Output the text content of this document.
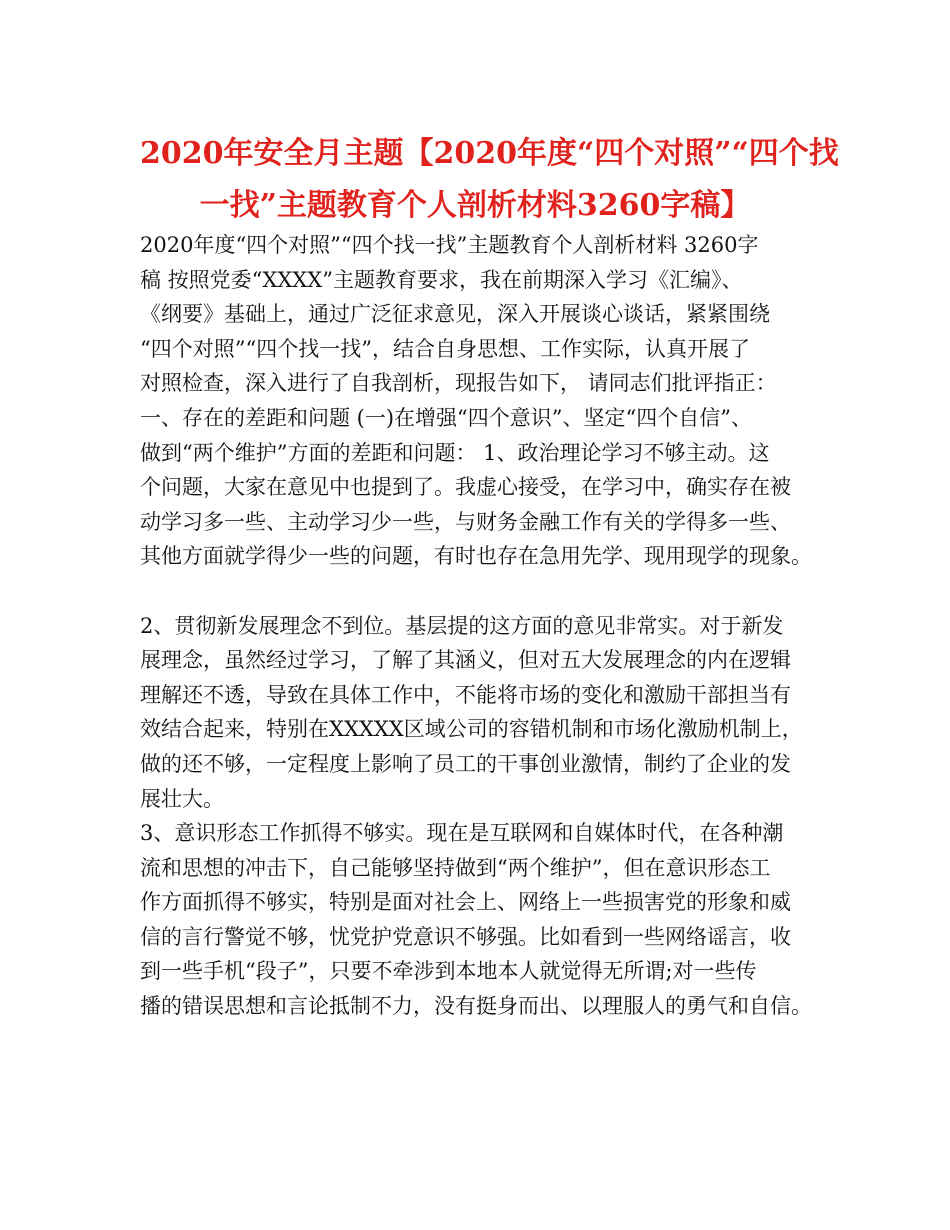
2020年安全月主题【2020年度“四个对照”“四个找
一找”主题教育个人剖析材料3260字稿】
2020年度“四个对照”“四个找一找”主题教育个人剖析材料 3260字
稿 按照党委“XXXX”主题教育要求，我在前期深入学习《汇编》、
《纲要》基础上，通过广泛征求意见，深入开展谈心谈话，紧紧围绕
“四个对照”“四个找一找”，结合自身思想、工作实际，认真开展了
对照检查，深入进行了自我剖析，现报告如下， 请同志们批评指正：
一、存在的差距和问题 (一)在增强“四个意识”、坚定“四个自信”、
做到“两个维护”方面的差距和问题： 1、政治理论学习不够主动。这
个问题，大家在意见中也提到了。我虚心接受，在学习中，确实存在被
动学习多一些、主动学习少一些，与财务金融工作有关的学得多一些、
其他方面就学得少一些的问题，有时也存在急用先学、现用现学的现象。
2、贯彻新发展理念不到位。基层提的这方面的意见非常实。对于新发
展理念，虽然经过学习，了解了其涵义，但对五大发展理念的内在逻辑
理解还不透，导致在具体工作中，不能将市场的变化和激励干部担当有
效结合起来，特别在XXXXX区域公司的容错机制和市场化激励机制上，
做的还不够，一定程度上影响了员工的干事创业激情，制约了企业的发
展壮大。
3、意识形态工作抓得不够实。现在是互联网和自媒体时代，在各种潮
流和思想的冲击下，自己能够坚持做到“两个维护”，但在意识形态工
作方面抓得不够实，特别是面对社会上、网络上一些损害党的形象和威
信的言行警觉不够，忧党护党意识不够强。比如看到一些网络谣言，收
到一些手机“段子”，只要不牵涉到本地本人就觉得无所谓;对一些传
播的错误思想和言论抵制不力，没有挺身而出、以理服人的勇气和自信。
